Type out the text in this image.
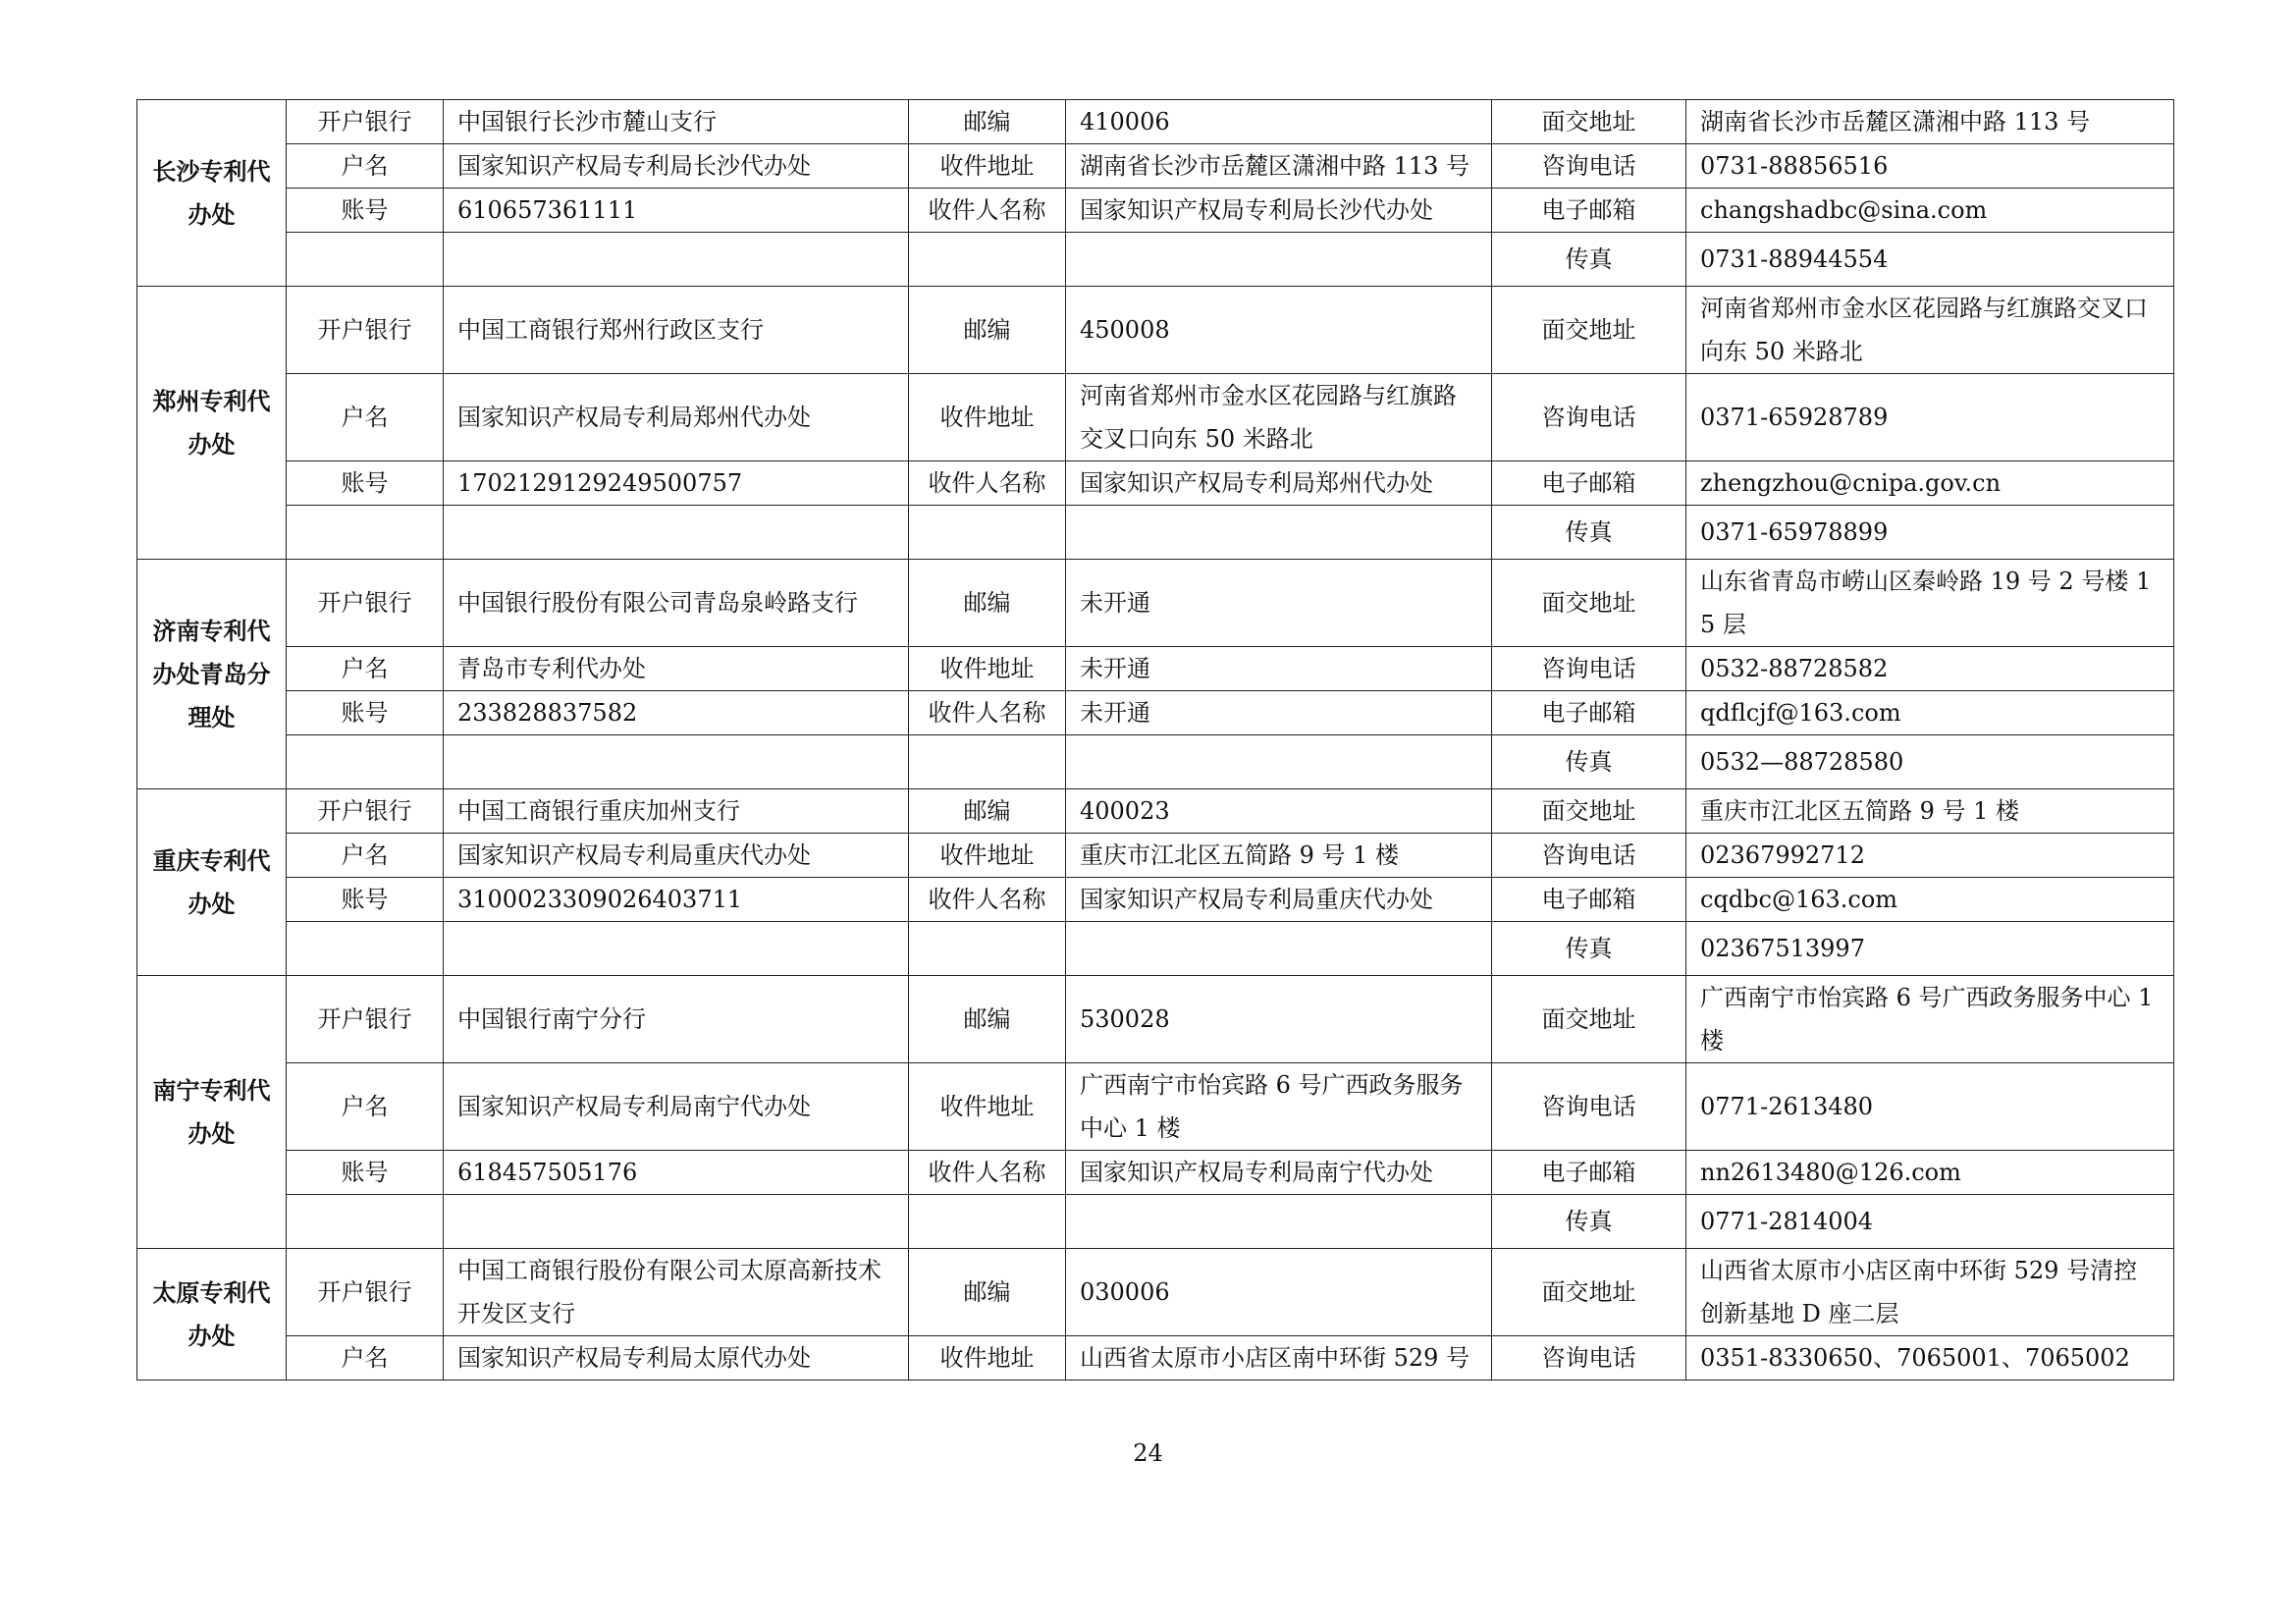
长沙专利代办处	开户银行	中国银行长沙市麓山支行	邮编	410006	面交地址	湖南省长沙市岳麓区潇湘中路 113 号
	户名	国家知识产权局专利局长沙代办处	收件地址	湖南省长沙市岳麓区潇湘中路 113 号	咨询电话	0731-88856516
	账号	610657361111	收件人名称	国家知识产权局专利局长沙代办处	电子邮箱	changshadbc@sina.com
					传真	0731-88944554
郑州专利代办处	开户银行	中国工商银行郑州行政区支行	邮编	450008	面交地址	河南省郑州市金水区花园路与红旗路交叉口向东 50 米路北
	户名	国家知识产权局专利局郑州代办处	收件地址	河南省郑州市金水区花园路与红旗路交叉口向东 50 米路北	咨询电话	0371-65928789
	账号	1702129129249500757	收件人名称	国家知识产权局专利局郑州代办处	电子邮箱	zhengzhou@cnipa.gov.cn
					传真	0371-65978899
济南专利代办处青岛分理处	开户银行	中国银行股份有限公司青岛泉岭路支行	邮编	未开通	面交地址	山东省青岛市崂山区秦岭路 19 号 2 号楼 15 层
	户名	青岛市专利代办处	收件地址	未开通	咨询电话	0532-88728582
	账号	233828837582	收件人名称	未开通	电子邮箱	qdflcjf@163.com
					传真	0532—88728580
重庆专利代办处	开户银行	中国工商银行重庆加州支行	邮编	400023	面交地址	重庆市江北区五简路 9 号 1 楼
	户名	国家知识产权局专利局重庆代办处	收件地址	重庆市江北区五简路 9 号 1 楼	咨询电话	02367992712
	账号	3100023309026403711	收件人名称	国家知识产权局专利局重庆代办处	电子邮箱	cqdbc@163.com
					传真	02367513997
南宁专利代办处	开户银行	中国银行南宁分行	邮编	530028	面交地址	广西南宁市怡宾路 6 号广西政务服务中心 1 楼
	户名	国家知识产权局专利局南宁代办处	收件地址	广西南宁市怡宾路 6 号广西政务服务中心 1 楼	咨询电话	0771-2613480
	账号	618457505176	收件人名称	国家知识产权局专利局南宁代办处	电子邮箱	nn2613480@126.com
					传真	0771-2814004
太原专利代办处	开户银行	中国工商银行股份有限公司太原高新技术开发区支行	邮编	030006	面交地址	山西省太原市小店区南中环街 529 号清控创新基地 D 座二层
	户名	国家知识产权局专利局太原代办处	收件地址	山西省太原市小店区南中环街 529 号	咨询电话	0351-8330650、7065001、7065002
24
